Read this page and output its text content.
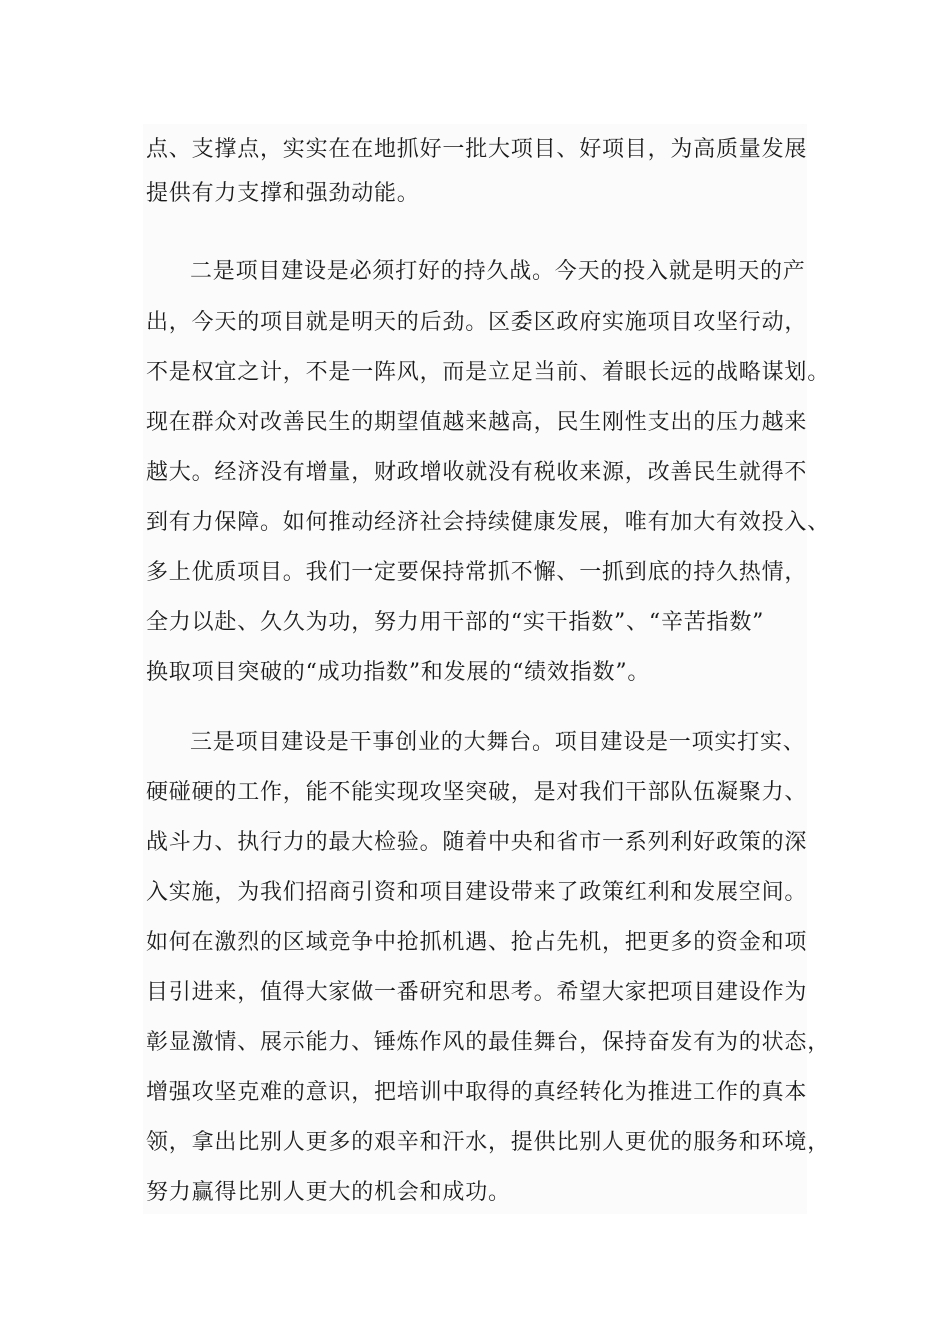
点、支撑点，实实在在地抓好一批大项目、好项目，为高质量发展
提供有力支撑和强劲动能。
二是项目建设是必须打好的持久战。今天的投入就是明天的产
出，今天的项目就是明天的后劲。区委区政府实施项目攻坚行动，
不是权宜之计，不是一阵风，而是立足当前、着眼长远的战略谋划。
现在群众对改善民生的期望值越来越高，民生刚性支出的压力越来
越大。经济没有增量，财政增收就没有税收来源，改善民生就得不
到有力保障。如何推动经济社会持续健康发展，唯有加大有效投入、
多上优质项目。我们一定要保持常抓不懈、一抓到底的持久热情，
全力以赴、久久为功，努力用干部的“实干指数”、“辛苦指数”
换取项目突破的“成功指数”和发展的“绩效指数”。
三是项目建设是干事创业的大舞台。项目建设是一项实打实、
硬碰硬的工作，能不能实现攻坚突破，是对我们干部队伍凝聚力、
战斗力、执行力的最大检验。随着中央和省市一系列利好政策的深
入实施，为我们招商引资和项目建设带来了政策红利和发展空间。
如何在激烈的区域竞争中抢抓机遇、抢占先机，把更多的资金和项
目引进来，值得大家做一番研究和思考。希望大家把项目建设作为
彰显激情、展示能力、锤炼作风的最佳舞台，保持奋发有为的状态，
增强攻坚克难的意识，把培训中取得的真经转化为推进工作的真本
领，拿出比别人更多的艰辛和汗水，提供比别人更优的服务和环境，
努力赢得比别人更大的机会和成功。
